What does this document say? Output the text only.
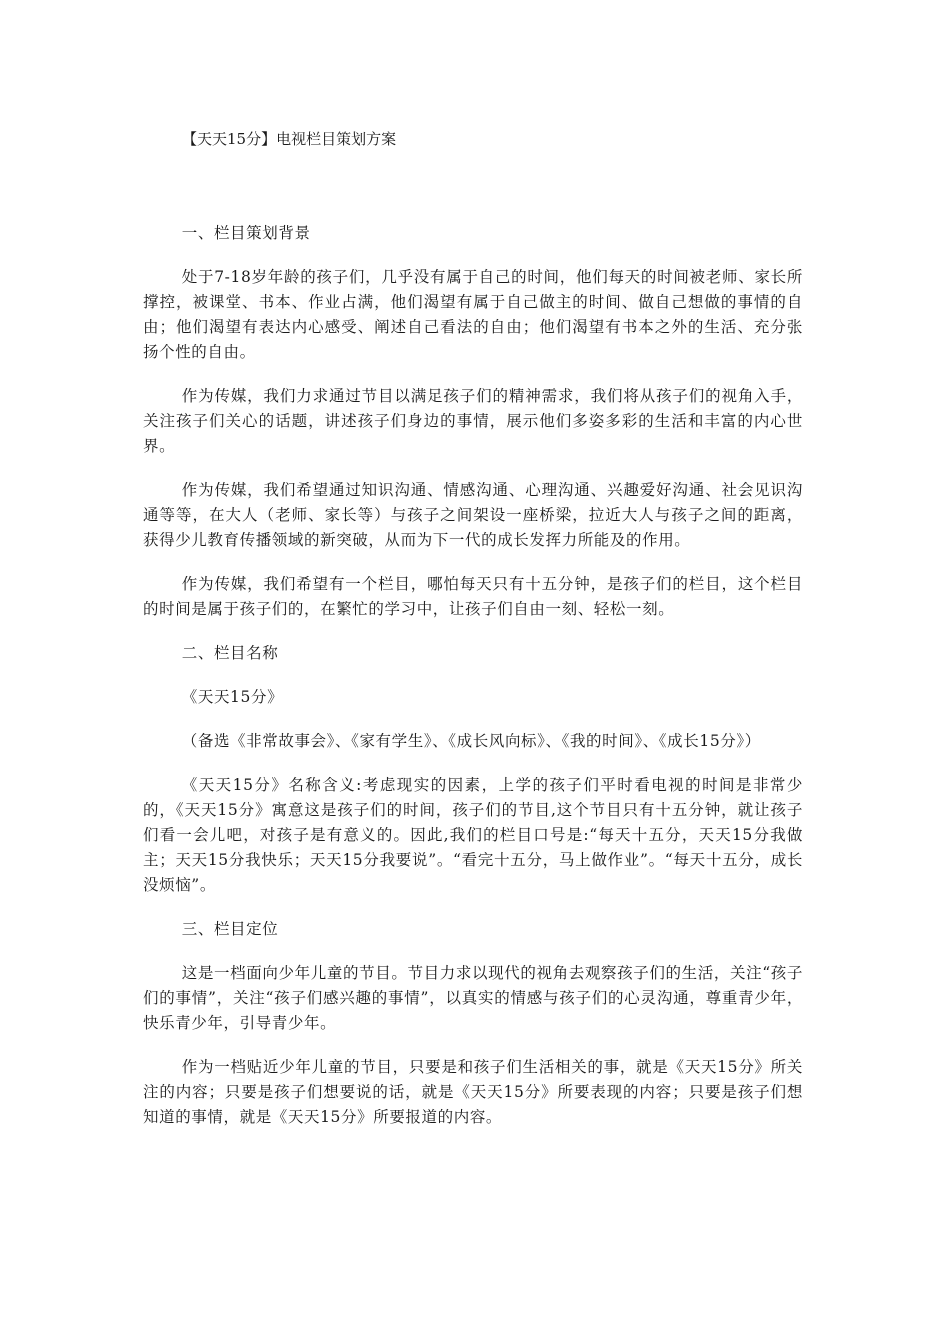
【天天15分】电视栏目策划方案
一、栏目策划背景

处于7-18岁年龄的孩子们，几乎没有属于自己的时间，他们每天的时间被老师、家长所撑控，被课堂、书本、作业占满，他们渴望有属于自己做主的时间、做自己想做的事情的自由；他们渴望有表达内心感受、阐述自己看法的自由；他们渴望有书本之外的生活、充分张扬个性的自由。

作为传媒，我们力求通过节目以满足孩子们的精神需求，我们将从孩子们的视角入手，关注孩子们关心的话题，讲述孩子们身边的事情，展示他们多姿多彩的生活和丰富的内心世界。

作为传媒，我们希望通过知识沟通、情感沟通、心理沟通、兴趣爱好沟通、社会见识沟通等等，在大人（老师、家长等）与孩子之间架设一座桥梁，拉近大人与孩子之间的距离，获得少儿教育传播领域的新突破，从而为下一代的成长发挥力所能及的作用。

作为传媒，我们希望有一个栏目，哪怕每天只有十五分钟，是孩子们的栏目，这个栏目的时间是属于孩子们的，在繁忙的学习中，让孩子们自由一刻、轻松一刻。

二、栏目名称

《天天15分》

（备选《非常故事会》、《家有学生》、《成长风向标》、《我的时间》、《成长15分》）

《天天15分》名称含义:考虑现实的因素，上学的孩子们平时看电视的时间是非常少的，《天天15分》寓意这是孩子们的时间，孩子们的节目,这个节目只有十五分钟，就让孩子们看一会儿吧，对孩子是有意义的。因此,我们的栏目口号是:“每天十五分，天天15分我做主；天天15分我快乐；天天15分我要说”。“看完十五分，马上做作业”。“每天十五分，成长没烦恼”。

三、栏目定位

这是一档面向少年儿童的节目。节目力求以现代的视角去观察孩子们的生活，关注“孩子们的事情”，关注“孩子们感兴趣的事情”，以真实的情感与孩子们的心灵沟通，尊重青少年，快乐青少年，引导青少年。

作为一档贴近少年儿童的节目，只要是和孩子们生活相关的事，就是《天天15分》所关注的内容；只要是孩子们想要说的话，就是《天天15分》所要表现的内容；只要是孩子们想知道的事情，就是《天天15分》所要报道的内容。
